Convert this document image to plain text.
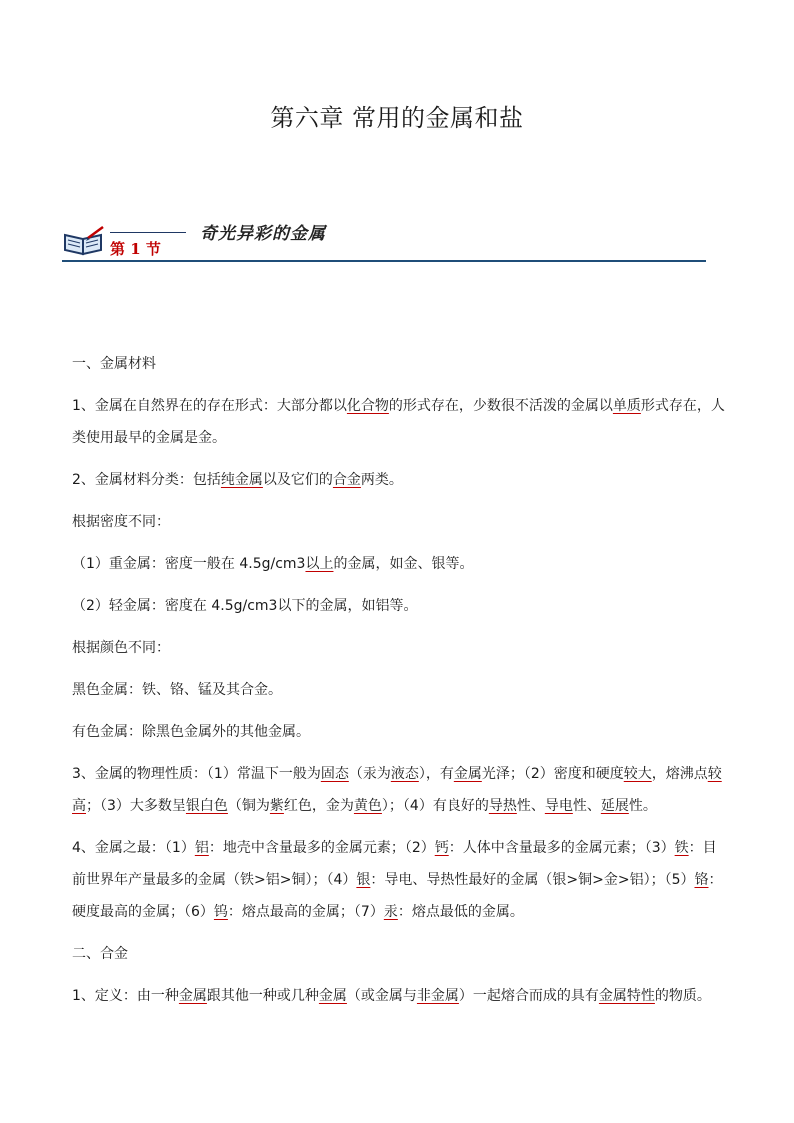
第六章 常用的金属和盐
第 1 节
奇光异彩的金属

一、金属材料

1、金属在自然界在的存在形式：大部分都以化合物的形式存在，少数很不活泼的金属以单质形式存在，人类使用最早的金属是金。

2、金属材料分类：包括纯金属以及它们的合金两类。

根据密度不同：

（1）重金属：密度一般在 4.5g/cm3以上的金属，如金、银等。

（2）轻金属：密度在 4.5g/cm3以下的金属，如铝等。

根据颜色不同：

黑色金属：铁、铬、锰及其合金。

有色金属：除黑色金属外的其他金属。

3、金属的物理性质：（1）常温下一般为固态（汞为液态），有金属光泽；（2）密度和硬度较大，熔沸点较高；（3）大多数呈银白色（铜为紫红色，金为黄色）；（4）有良好的导热性、导电性、延展性。

4、金属之最：（1）铝：地壳中含量最多的金属元素；（2）钙：人体中含量最多的金属元素；（3）铁：目前世界年产量最多的金属（铁>铝>铜）；（4）银：导电、导热性最好的金属（银>铜>金>铝）；（5）铬：硬度最高的金属；（6）钨：熔点最高的金属；（7）汞：熔点最低的金属。

二、合金

1、定义：由一种金属跟其他一种或几种金属（或金属与非金属）一起熔合而成的具有金属特性的物质。
